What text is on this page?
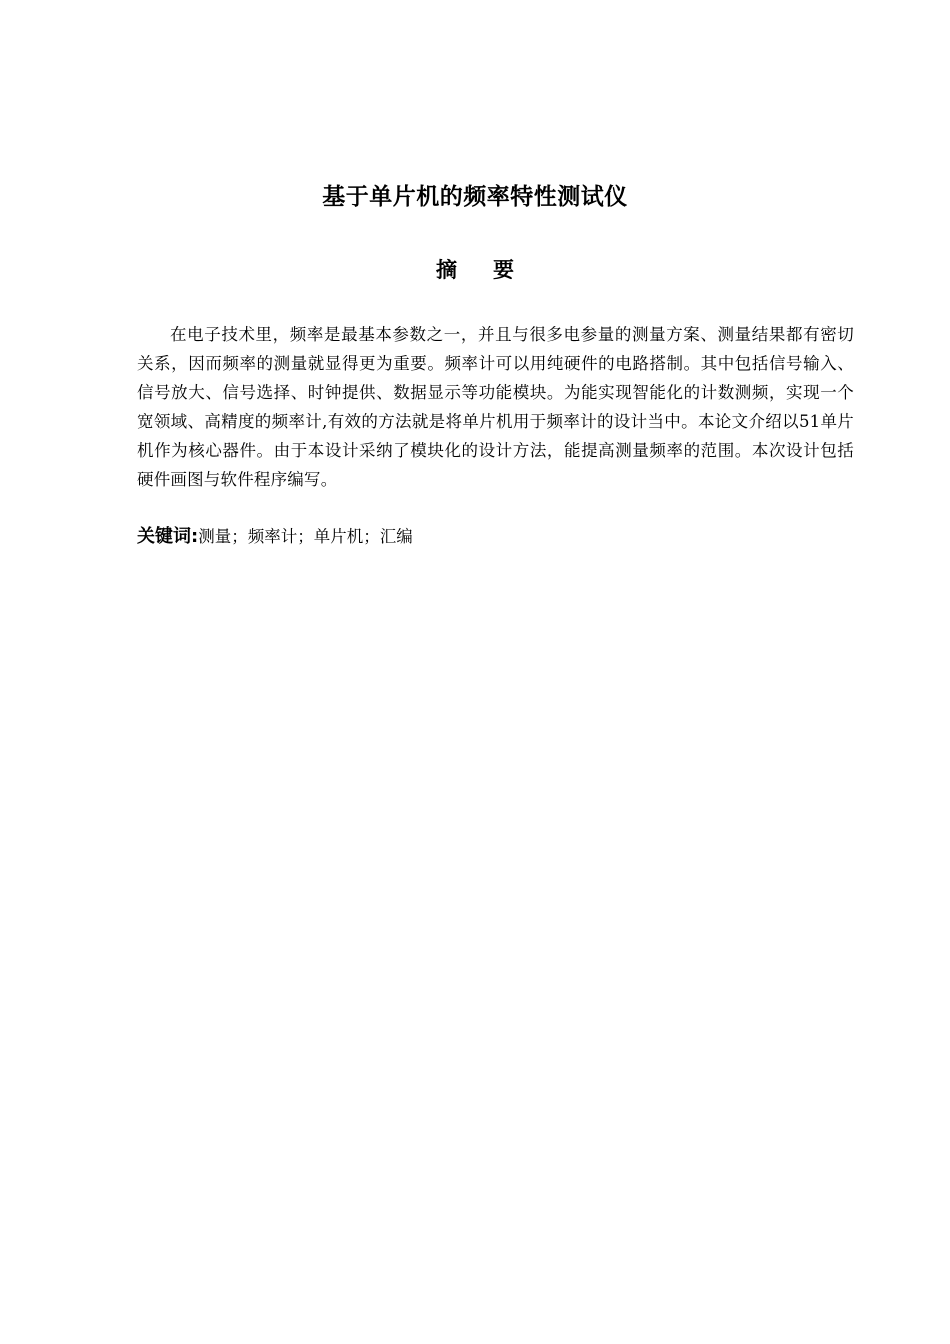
基于单片机的频率特性测试仪
摘 要

在电子技术里，频率是最基本参数之一，并且与很多电参量的测量方案、测量结果都有密切关系，因而频率的测量就显得更为重要。频率计可以用纯硬件的电路搭制。其中包括信号输入、信号放大、信号选择、时钟提供、数据显示等功能模块。为能实现智能化的计数测频，实现一个宽领域、高精度的频率计,有效的方法就是将单片机用于频率计的设计当中。本论文介绍以51单片机作为核心器件。由于本设计采纳了模块化的设计方法，能提高测量频率的范围。本次设计包括硬件画图与软件程序编写。

关键词:测量；频率计；单片机；汇编
